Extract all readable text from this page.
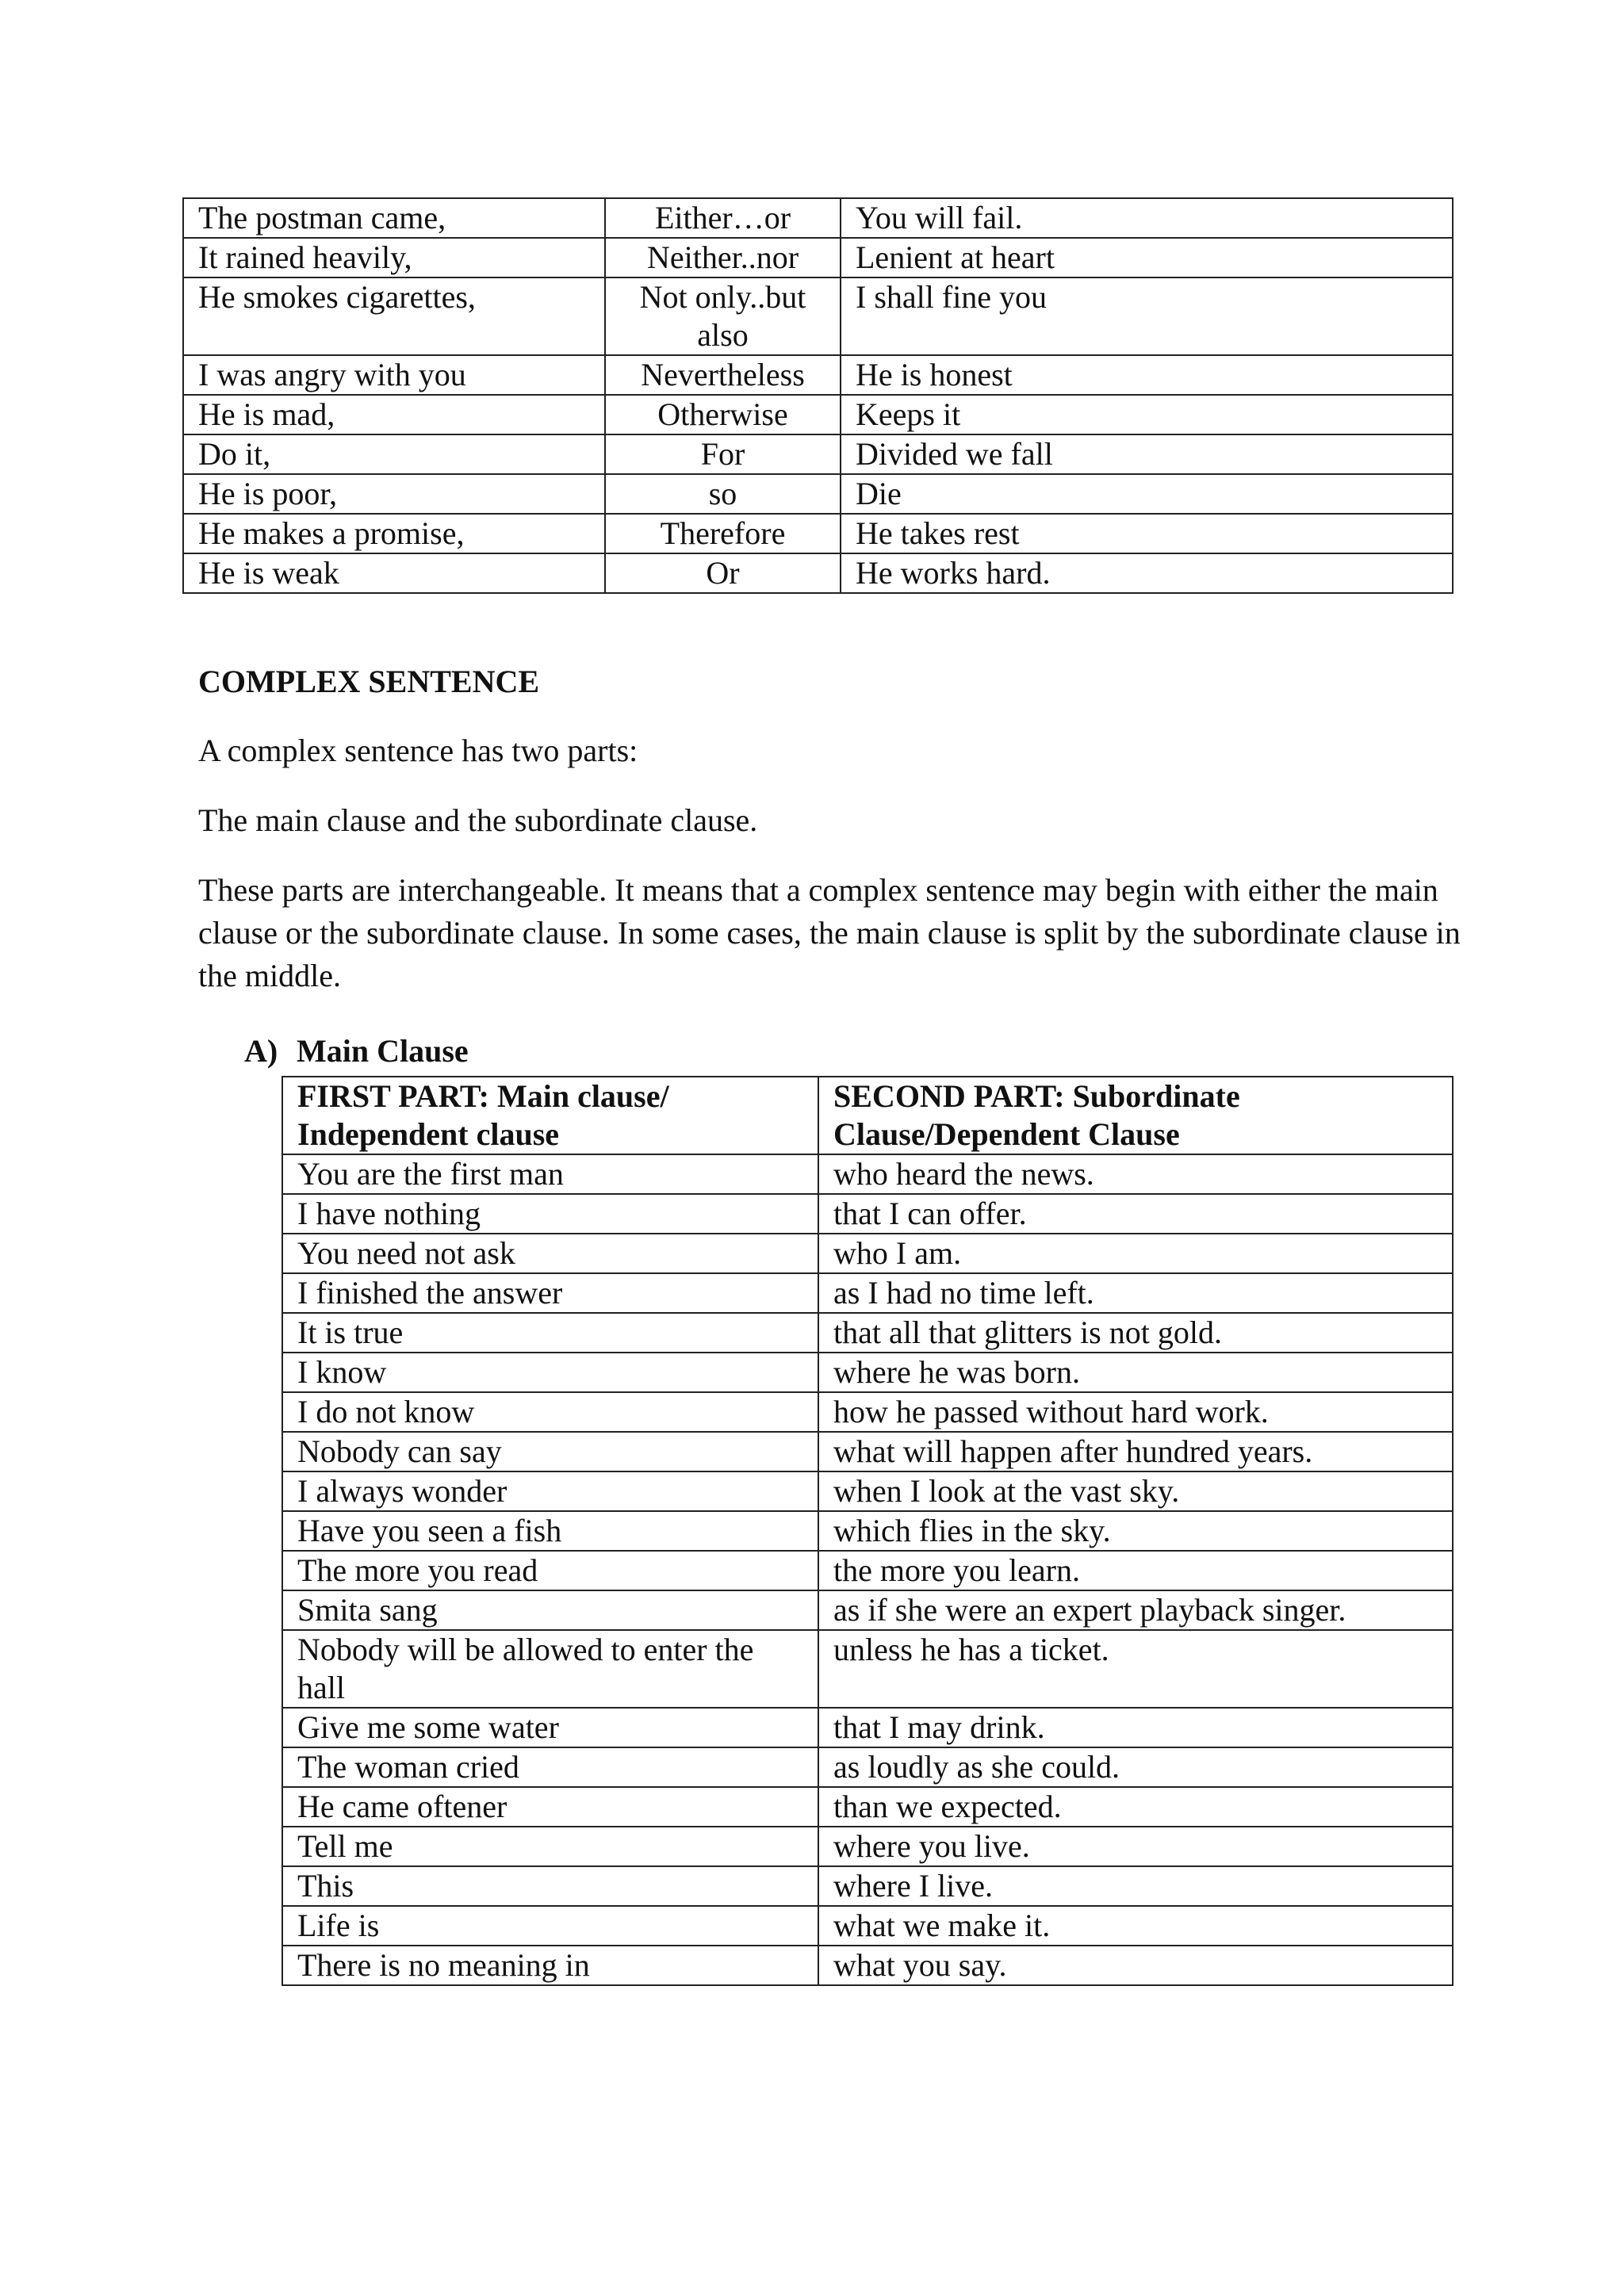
The postman came,	Either…or	You will fail.
It rained heavily,	Neither..nor	Lenient at heart
He smokes cigarettes,	Not only..but also	I shall fine you
I was angry with you	Nevertheless	He is honest
He is mad,	Otherwise	Keeps it
Do it,	For	Divided we fall
He is poor,	so	Die
He makes a promise,	Therefore	He takes rest
He is weak	Or	He works hard.
COMPLEX SENTENCE

A complex sentence has two parts:

The main clause and the subordinate clause.

These parts are interchangeable. It means that a complex sentence may begin with either the main clause or the subordinate clause. In some cases, the main clause is split by the subordinate clause in the middle.

A) Main Clause
FIRST PART: Main clause/ Independent clause	SECOND PART: Subordinate Clause/Dependent Clause
You are the first man	who heard the news.
I have nothing	that I can offer.
You need not ask	who I am.
I finished the answer	as I had no time left.
It is true	that all that glitters is not gold.
I know	where he was born.
I do not know	how he passed without hard work.
Nobody can say	what will happen after hundred years.
I always wonder	when I look at the vast sky.
Have you seen a fish	which flies in the sky.
The more you read	the more you learn.
Smita sang	as if she were an expert playback singer.
Nobody will be allowed to enter the hall	unless he has a ticket.
Give me some water	that I may drink.
The woman cried	as loudly as she could.
He came oftener	than we expected.
Tell me	where you live.
This	where I live.
Life is	what we make it.
There is no meaning in	what you say.
